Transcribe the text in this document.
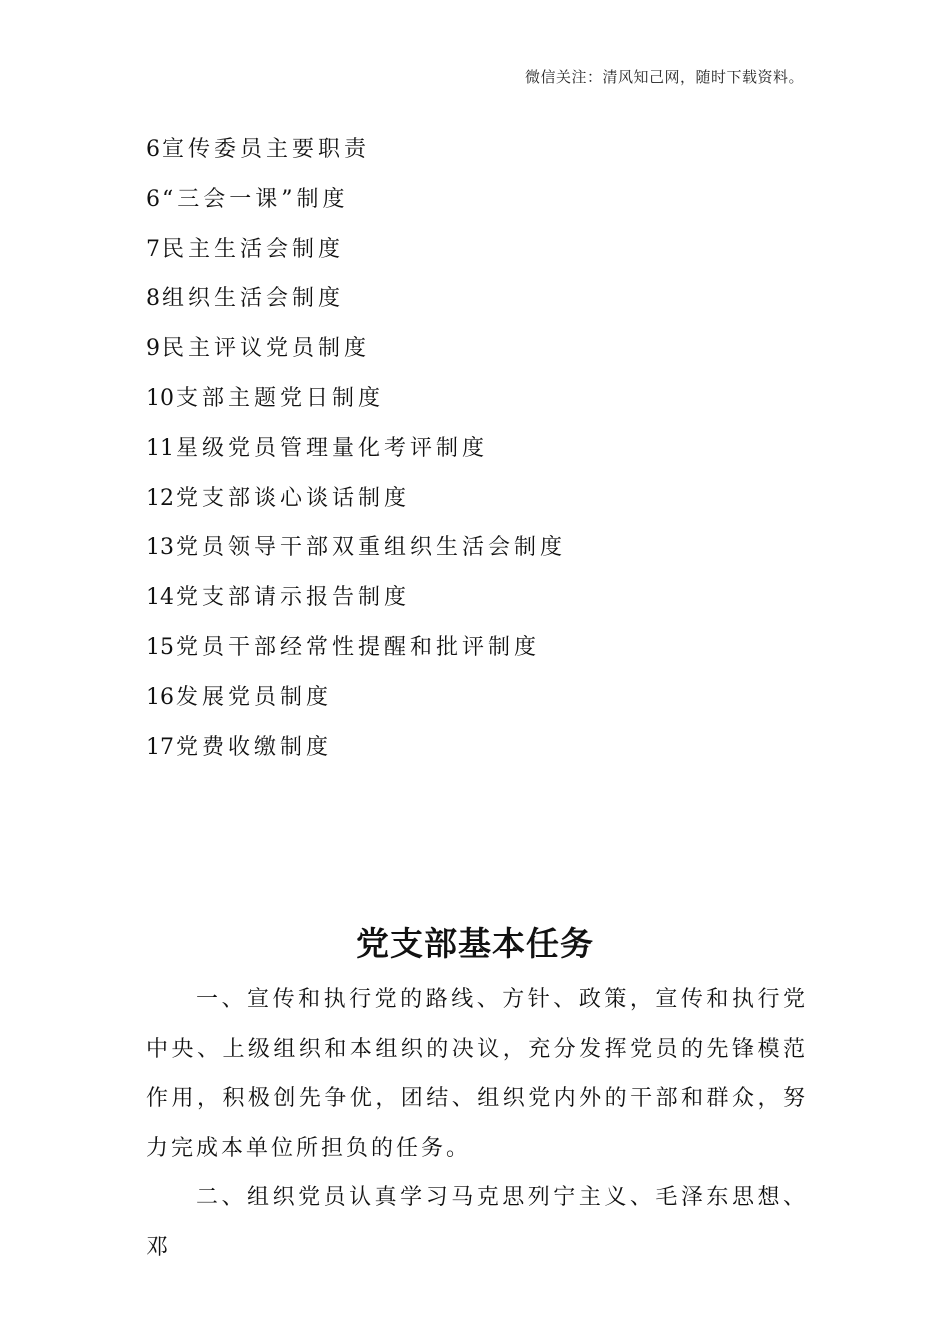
微信关注：清风知己网，随时下载资料。
6宣传委员主要职责
6“三会一课”制度
7民主生活会制度
8组织生活会制度
9民主评议党员制度
10支部主题党日制度
11星级党员管理量化考评制度
12党支部谈心谈话制度
13党员领导干部双重组织生活会制度
14党支部请示报告制度
15党员干部经常性提醒和批评制度
16发展党员制度
17党费收缴制度
党支部基本任务

一、宣传和执行党的路线、方针、政策，宣传和执行党中央、上级组织和本组织的决议，充分发挥党员的先锋模范作用，积极创先争优，团结、组织党内外的干部和群众，努力完成本单位所担负的任务。

二、组织党员认真学习马克思列宁主义、毛泽东思想、邓
